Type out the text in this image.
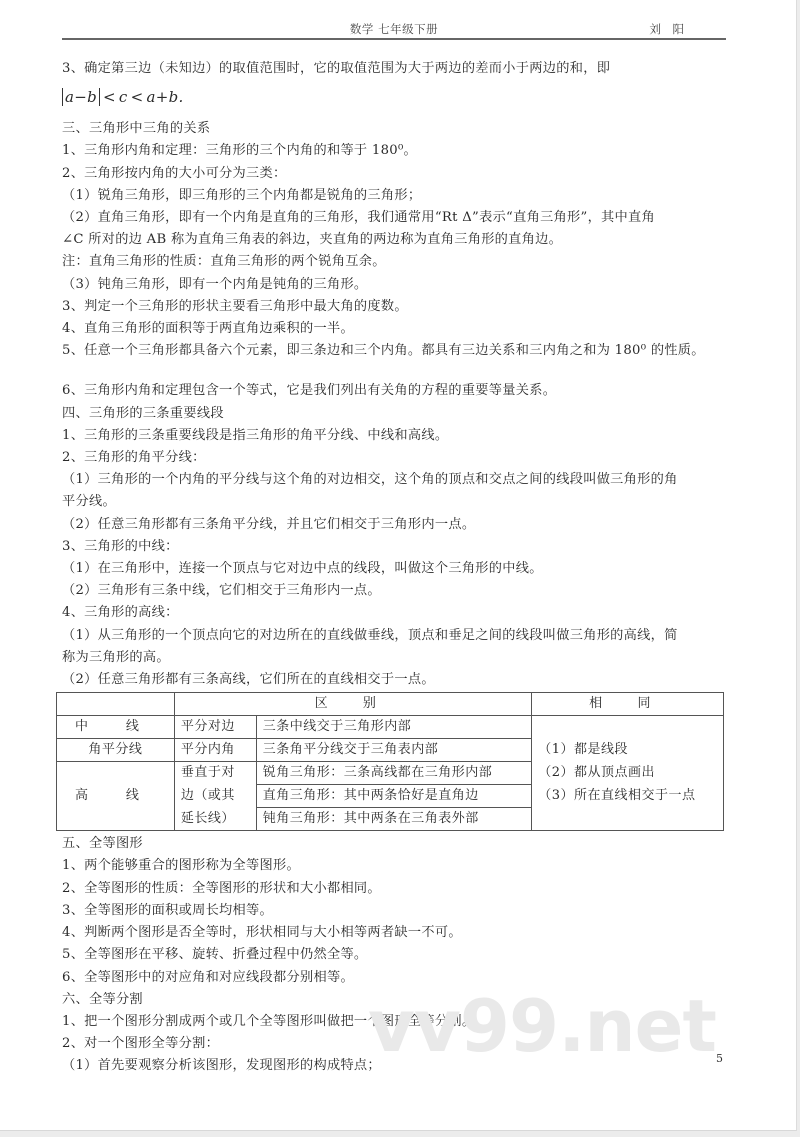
数学 七年级下册	刘 阳
3、确定第三边（未知边）的取值范围时，它的取值范围为大于两边的差而小于两边的和，即
a−b < c < a+b.
三、三角形中三角的关系
1、三角形内角和定理：三角形的三个内角的和等于 180⁰。
2、三角形按内角的大小可分为三类：
（1）锐角三角形，即三角形的三个内角都是锐角的三角形；
（2）直角三角形，即有一个内角是直角的三角形，我们通常用“Rt Δ”表示“直角三角形”，其中直角
∠C 所对的边 AB 称为直角三角表的斜边，夹直角的两边称为直角三角形的直角边。
注：直角三角形的性质：直角三角形的两个锐角互余。
（3）钝角三角形，即有一个内角是钝角的三角形。
3、判定一个三角形的形状主要看三角形中最大角的度数。
4、直角三角形的面积等于两直角边乘积的一半。
5、任意一个三角形都具备六个元素，即三条边和三个内角。都具有三边关系和三内角之和为 180⁰ 的性质。
6、三角形内角和定理包含一个等式，它是我们列出有关角的方程的重要等量关系。
四、三角形的三条重要线段
1、三角形的三条重要线段是指三角形的角平分线、中线和高线。
2、三角形的角平分线：
（1）三角形的一个内角的平分线与这个角的对边相交，这个角的顶点和交点之间的线段叫做三角形的角
平分线。
（2）任意三角形都有三条角平分线，并且它们相交于三角形内一点。
3、三角形的中线：
（1）在三角形中，连接一个顶点与它对边中点的线段，叫做这个三角形的中线。
（2）三角形有三条中线，它们相交于三角形内一点。
4、三角形的高线：
（1）从三角形的一个顶点向它的对边所在的直线做垂线，顶点和垂足之间的线段叫做三角形的高线，简
称为三角形的高。
（2）任意三角形都有三条高线，它们所在的直线相交于一点。
	区 别		相 同
中 线	平分对边	三条中线交于三角形内部	（1）都是线段
（2）都从顶点画出
（3）所在直线相交于一点

角平分线	平分内角	三条角平分线交于三角表内部	
高 线	垂直于对
边（或其
延长线）	锐角三角形：三条高线都在三角形内部	
		直角三角形：其中两条恰好是直角边	
		钝角三角形：其中两条在三角表外部	
五、全等图形
1、两个能够重合的图形称为全等图形。
2、全等图形的性质：全等图形的形状和大小都相同。
3、全等图形的面积或周长均相等。
4、判断两个图形是否全等时，形状相同与大小相等两者缺一不可。
5、全等图形在平移、旋转、折叠过程中仍然全等。
6、全等图形中的对应角和对应线段都分别相等。
六、全等分割
1、把一个图形分割成两个或几个全等图形叫做把一个图形全等分割。
2、对一个图形全等分割：
（1）首先要观察分析该图形，发现图形的构成特点；
vv99.net 5
